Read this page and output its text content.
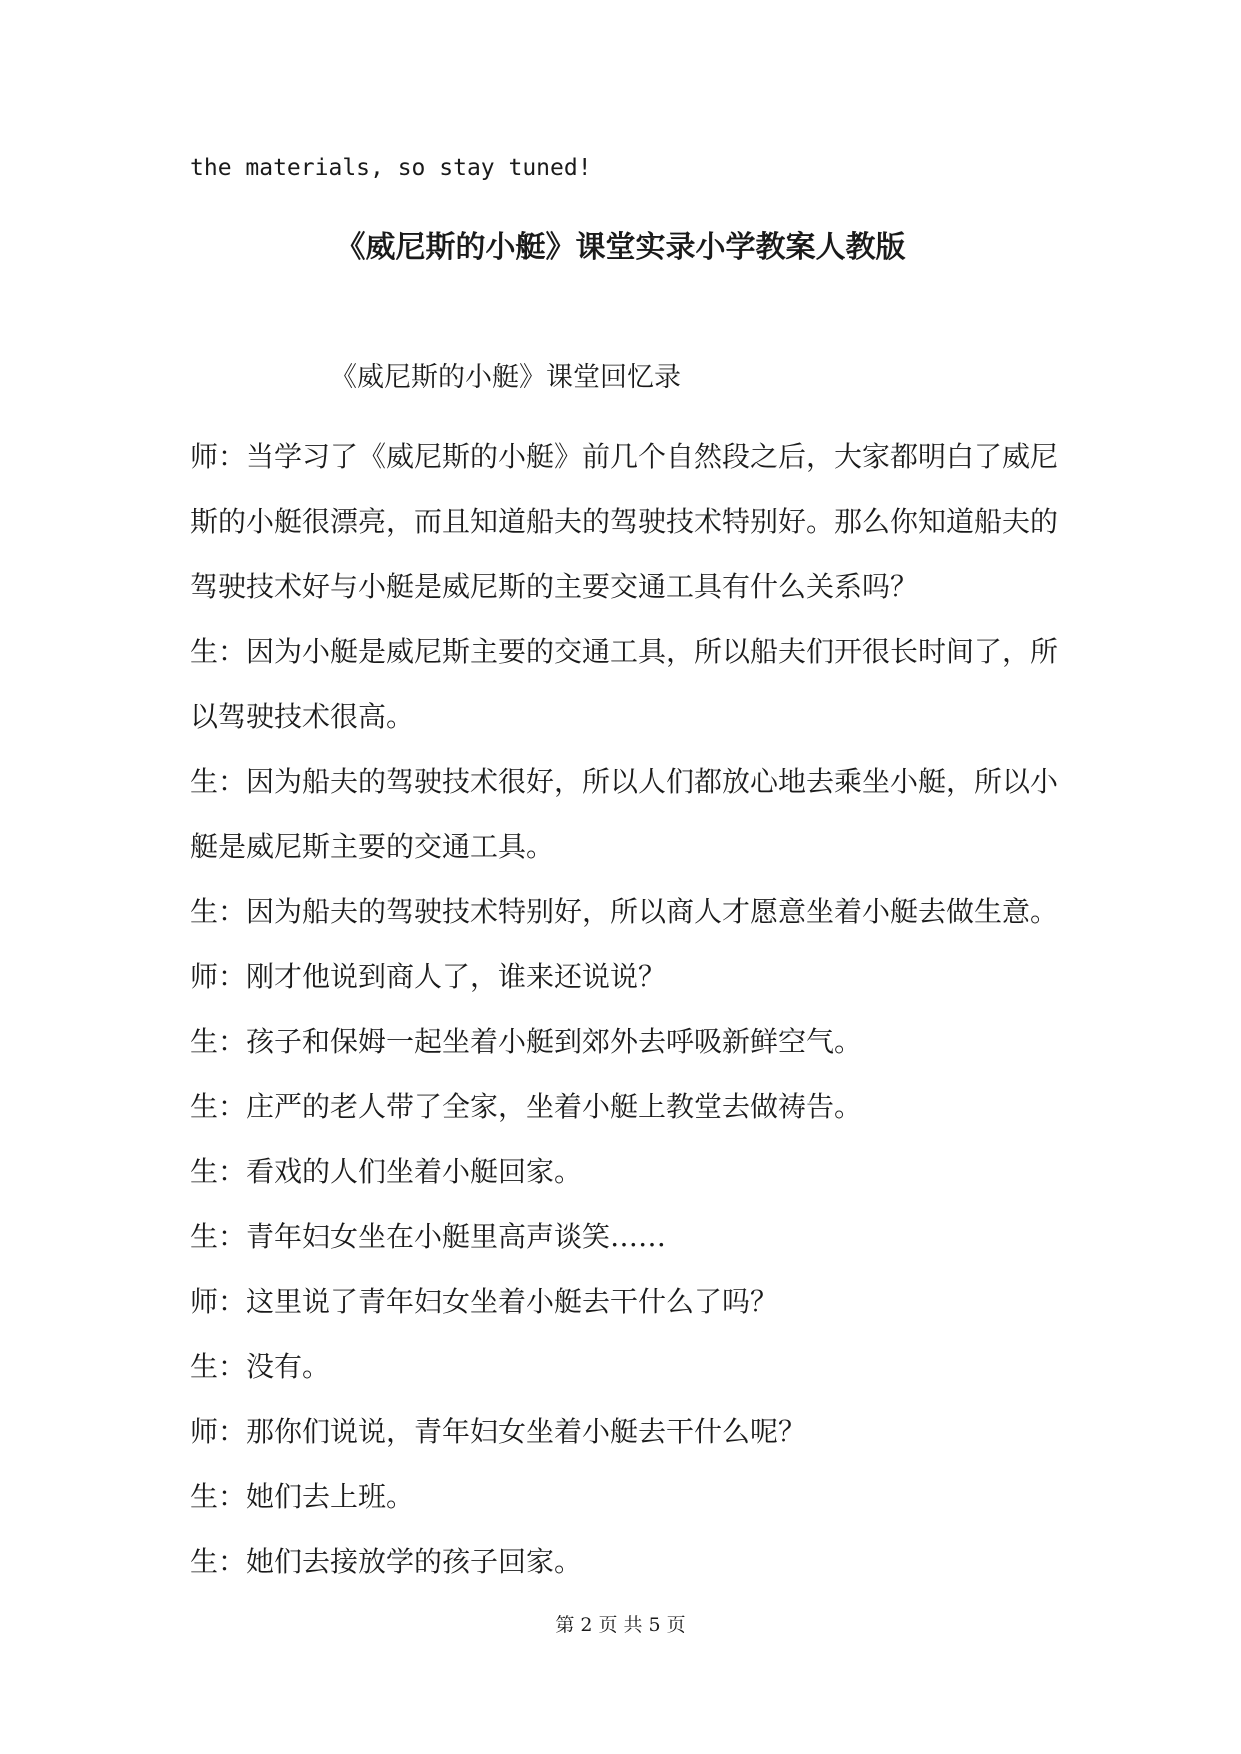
the materials, so stay tuned!
《威尼斯的小艇》课堂实录小学教案人教版
《威尼斯的小艇》课堂回忆录

师：当学习了《威尼斯的小艇》前几个自然段之后，大家都明白了威尼斯的小艇很漂亮，而且知道船夫的驾驶技术特别好。那么你知道船夫的驾驶技术好与小艇是威尼斯的主要交通工具有什么关系吗？

生：因为小艇是威尼斯主要的交通工具，所以船夫们开很长时间了，所以驾驶技术很高。

生：因为船夫的驾驶技术很好，所以人们都放心地去乘坐小艇，所以小艇是威尼斯主要的交通工具。

生：因为船夫的驾驶技术特别好，所以商人才愿意坐着小艇去做生意。

师：刚才他说到商人了，谁来还说说？

生：孩子和保姆一起坐着小艇到郊外去呼吸新鲜空气。

生：庄严的老人带了全家，坐着小艇上教堂去做祷告。

生：看戏的人们坐着小艇回家。

生：青年妇女坐在小艇里高声谈笑……

师：这里说了青年妇女坐着小艇去干什么了吗？

生：没有。

师：那你们说说，青年妇女坐着小艇去干什么呢？

生：她们去上班。

生：她们去接放学的孩子回家。

第 2 页 共 5 页
